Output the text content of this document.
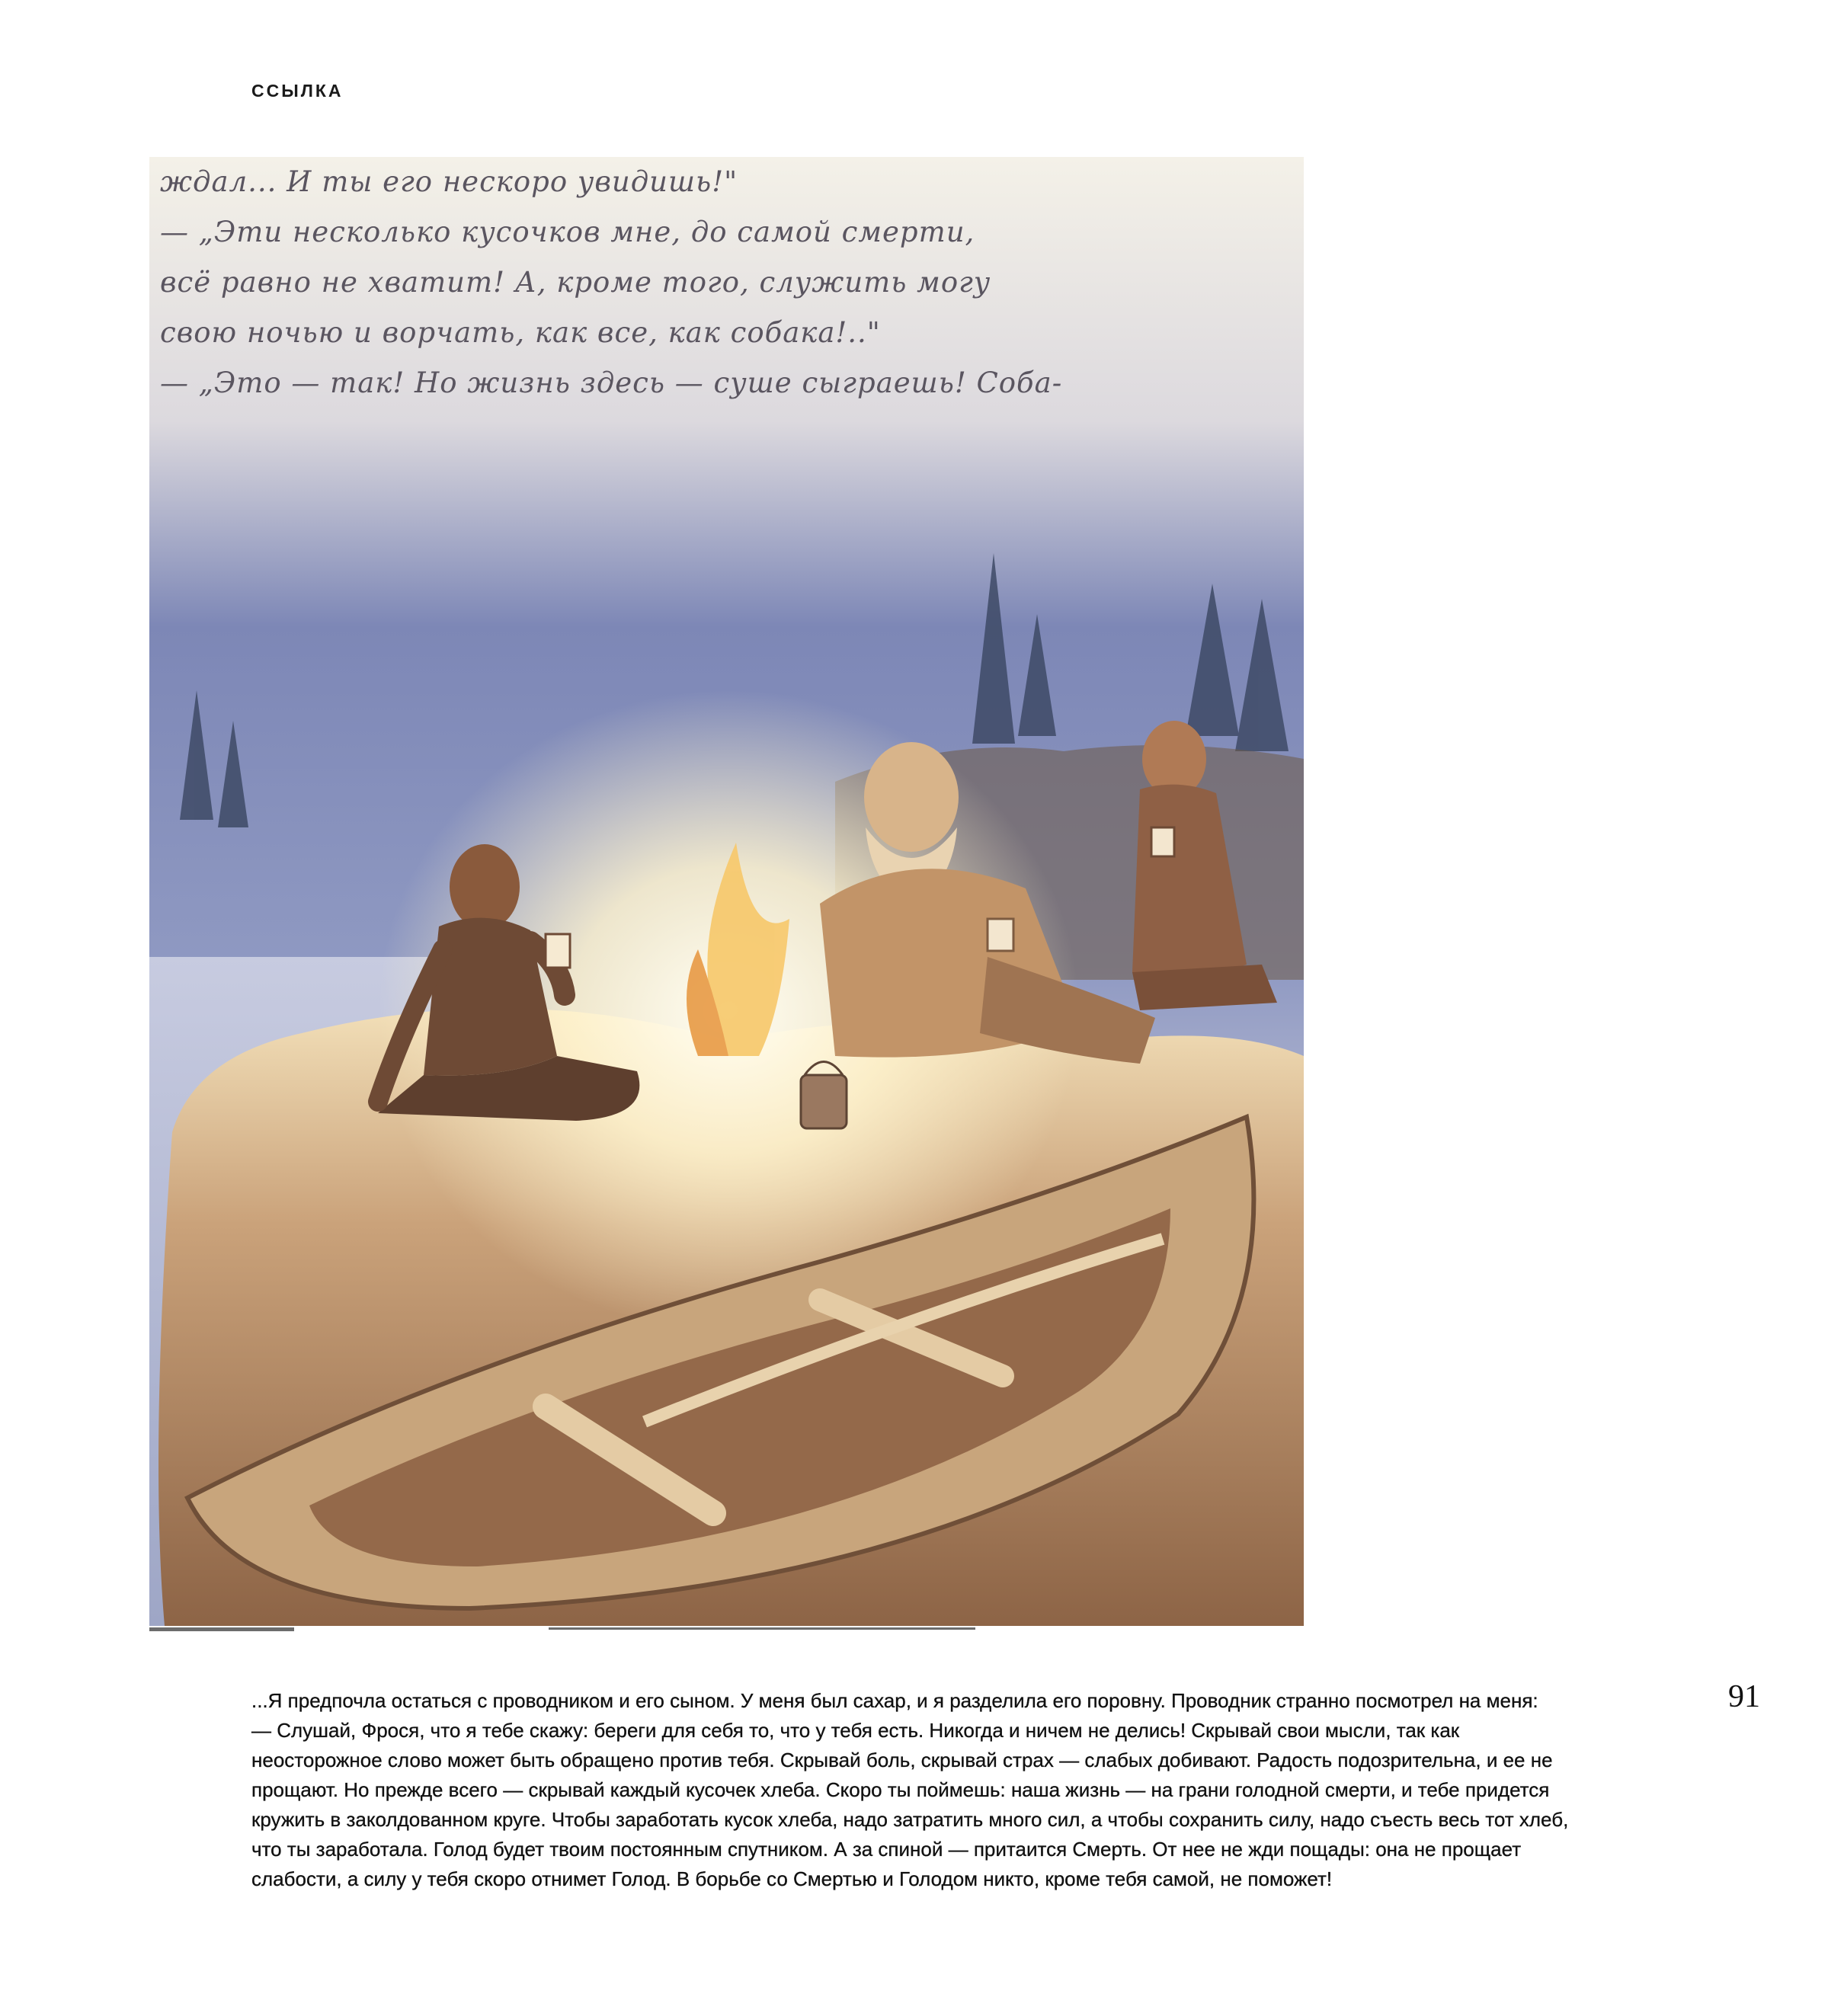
ССЫЛКА
ждал... И ты его нескоро увидишь!"
— „Эти несколько кусочков мне, до самой смерти,
всё равно не хватит! А, кроме того, служить могу
свою ночью и ворчать, как все, как собака!.."
— „Это — так! Но жизнь здесь — суше сыграешь! Соба-
91

...Я предпочла остаться с проводником и его сыном. У меня был сахар, и я разделила его поровну. Проводник странно посмотрел на меня:

— Слушай, Фрося, что я тебе скажу: береги для себя то, что у тебя есть. Никогда и ничем не делись! Скрывай свои мысли, так как неосторожное слово может быть обращено против тебя. Скрывай боль, скрывай страх — слабых добивают. Радость подозрительна, и ее не прощают. Но прежде всего — скрывай каждый кусочек хлеба. Скоро ты поймешь: наша жизнь — на грани голодной смерти, и тебе придется кружить в заколдованном круге. Чтобы заработать кусок хлеба, надо затратить много сил, а чтобы сохранить силу, надо съесть весь тот хлеб, что ты заработала. Голод будет твоим постоянным спутником. А за спиной — притаится Смерть. От нее не жди пощады: она не прощает слабости, а силу у тебя скоро отнимет Голод. В борьбе со Смертью и Голодом никто, кроме тебя самой, не поможет!
